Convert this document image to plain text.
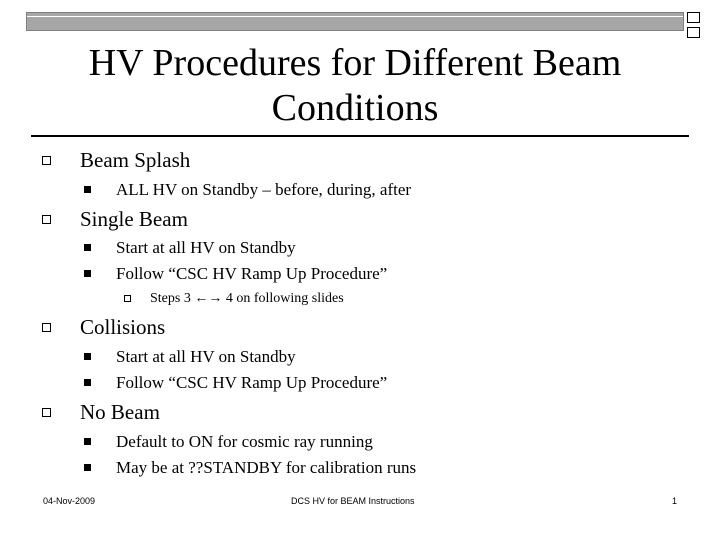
HV Procedures for Different Beam
Conditions
Beam Splash
ALL HV on Standby – before, during, after
Single Beam
Start at all HV on Standby
Follow “CSC HV Ramp Up Procedure”
Steps 3 ←→ 4 on following slides
Collisions
Start at all HV on Standby
Follow “CSC HV Ramp Up Procedure”
No Beam
Default to ON for cosmic ray running
May be at ??STANDBY for calibration runs
04-Nov-2009	DCS HV for BEAM Instructions	1
